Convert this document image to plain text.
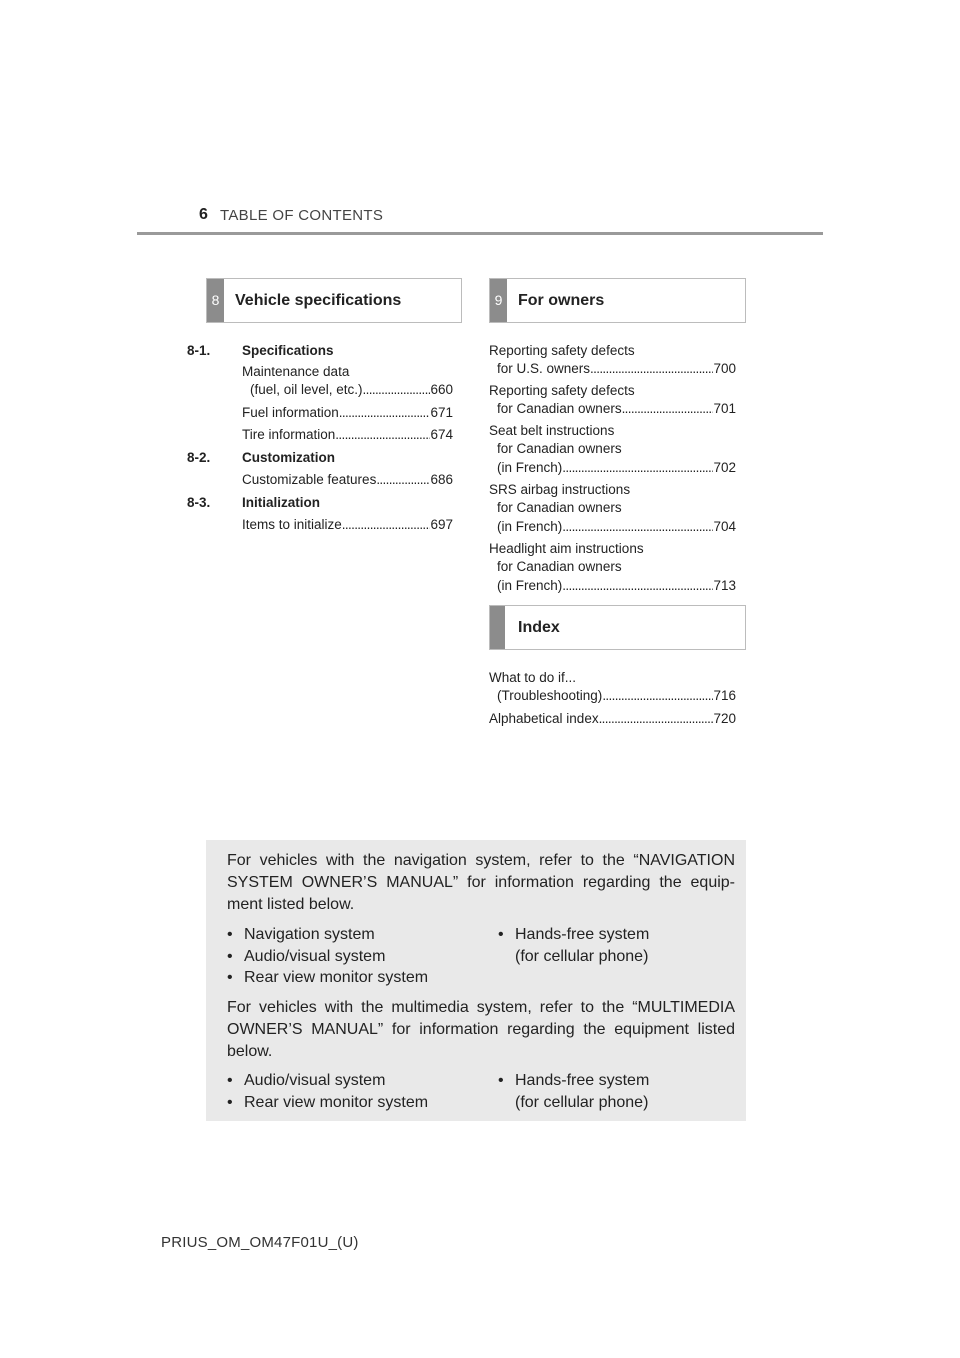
6 TABLE OF CONTENTS
8 Vehicle specifications	9 For owners
Index
8-1. Specifications
Maintenance data
(fuel, oil level, etc.) . . .	660
Fuel information . . .	671
Tire information . . .	674
8-2. Customization
Customizable features . . .	686
8-3. Initialization
Items to initialize . . .	697
Reporting safety defects
for U.S. owners . . .	700
Reporting safety defects
for Canadian owners . . .	701
Seat belt instructions
for Canadian owners
(in French) . . .	702
SRS airbag instructions
for Canadian owners
(in French) . . .	704
Headlight aim instructions
for Canadian owners
(in French) . . .	713
What to do if...
(Troubleshooting) . . .	716
Alphabetical index . . .	720

For vehicles with the navigation system, refer to the “NAVIGATION SYSTEM OWNER’S MANUAL” for information regarding the equip-ment listed below.

• Navigation system
• Audio/visual system
• Rear view monitor system
• Hands-free system
(for cellular phone)

For vehicles with the multimedia system, refer to the “MULTIMEDIA OWNER’S MANUAL” for information regarding the equipment listed below.

• Audio/visual system
• Rear view monitor system
• Hands-free system
(for cellular phone)
PRIUS_OM_OM47F01U_(U)
